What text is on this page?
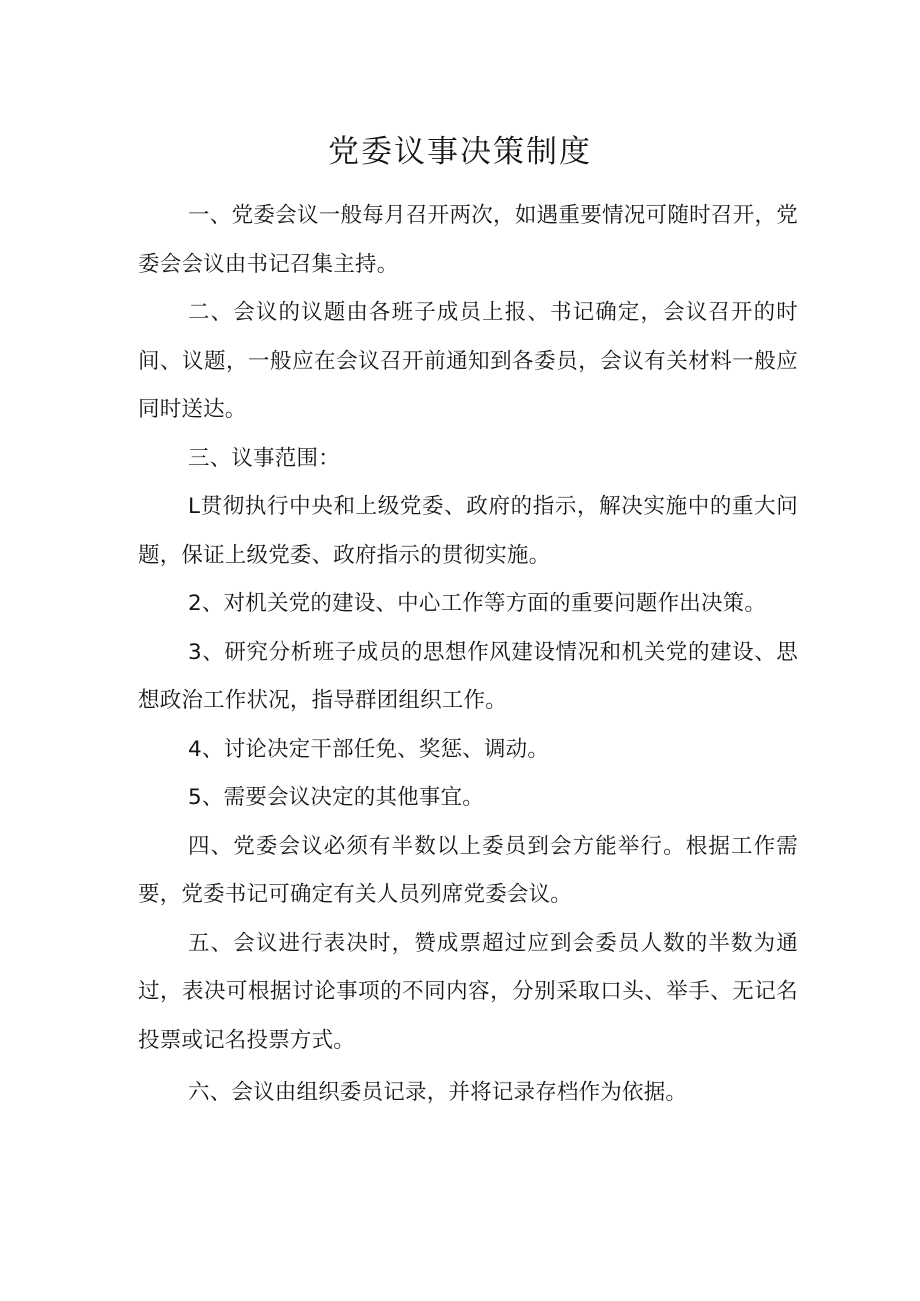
党委议事决策制度

一、党委会议一般每月召开两次，如遇重要情况可随时召开，党委会会议由书记召集主持。

二、会议的议题由各班子成员上报、书记确定，会议召开的时间、议题，一般应在会议召开前通知到各委员，会议有关材料一般应同时送达。

三、议事范围：

L贯彻执行中央和上级党委、政府的指示，解决实施中的重大问题，保证上级党委、政府指示的贯彻实施。

2、对机关党的建设、中心工作等方面的重要问题作出决策。

3、研究分析班子成员的思想作风建设情况和机关党的建设、思想政治工作状况，指导群团组织工作。

4、讨论决定干部任免、奖惩、调动。

5、需要会议决定的其他事宜。

四、党委会议必须有半数以上委员到会方能举行。根据工作需要，党委书记可确定有关人员列席党委会议。

五、会议进行表决时，赞成票超过应到会委员人数的半数为通过，表决可根据讨论事项的不同内容，分别采取口头、举手、无记名投票或记名投票方式。

六、会议由组织委员记录，并将记录存档作为依据。
